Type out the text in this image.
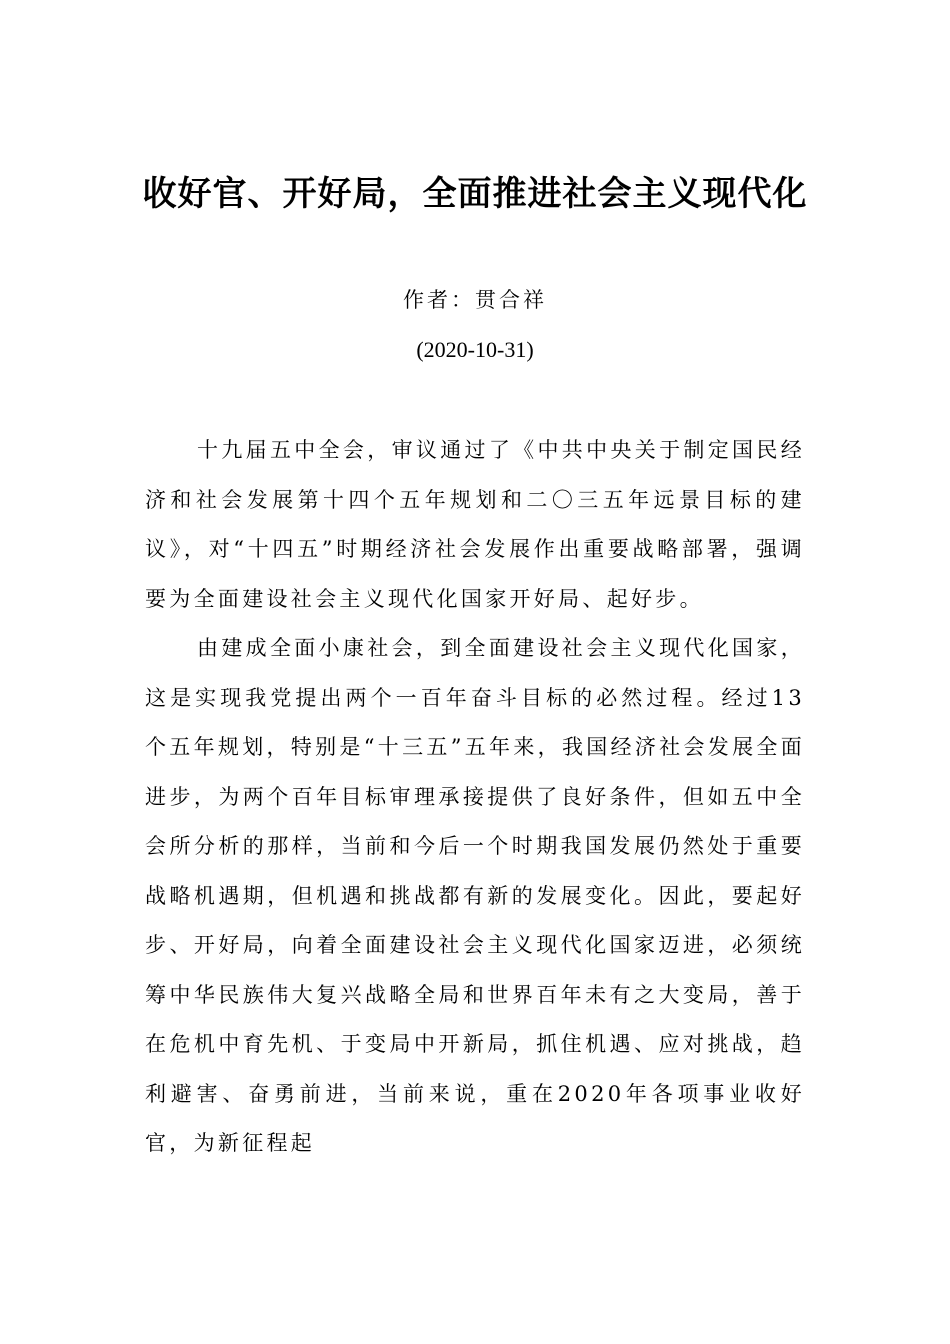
收好官、开好局，全面推进社会主义现代化
作者：贯合祥
(2020-10-31)

十九届五中全会，审议通过了《中共中央关于制定国民经济和社会发展第十四个五年规划和二〇三五年远景目标的建议》，对“十四五”时期经济社会发展作出重要战略部署，强调要为全面建设社会主义现代化国家开好局、起好步。

由建成全面小康社会，到全面建设社会主义现代化国家，这是实现我党提出两个一百年奋斗目标的必然过程。经过13个五年规划，特别是“十三五”五年来，我国经济社会发展全面进步，为两个百年目标审理承接提供了良好条件，但如五中全会所分析的那样，当前和今后一个时期我国发展仍然处于重要战略机遇期，但机遇和挑战都有新的发展变化。因此，要起好步、开好局，向着全面建设社会主义现代化国家迈进，必须统筹中华民族伟大复兴战略全局和世界百年未有之大变局，善于在危机中育先机、于变局中开新局，抓住机遇、应对挑战，趋利避害、奋勇前进，当前来说，重在2020年各项事业收好官，为新征程起
